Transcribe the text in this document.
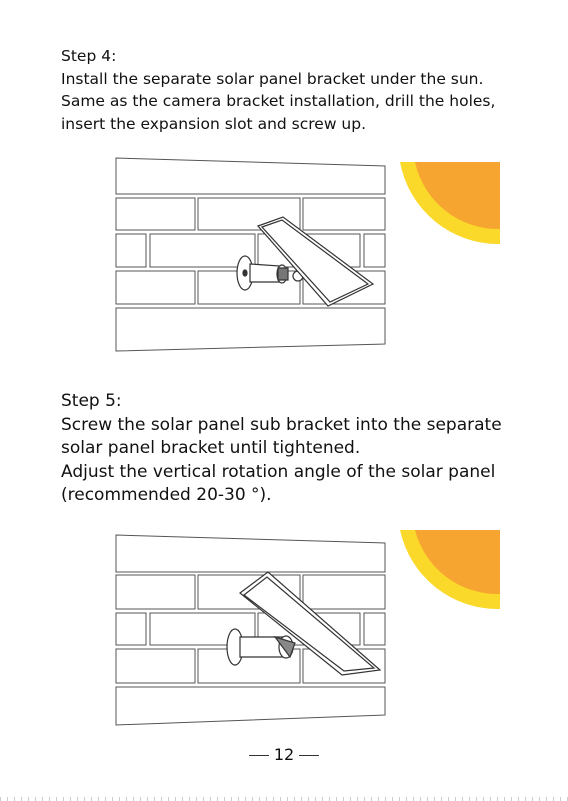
Step 4:
Install the separate solar panel bracket under the sun.
Same as the camera bracket installation, drill the holes,
insert the expansion slot and screw up.
Step 5:
Screw the solar panel sub bracket into the separate
solar panel bracket until tightened.
Adjust the vertical rotation angle of the solar panel
(recommended 20-30 °).
12
